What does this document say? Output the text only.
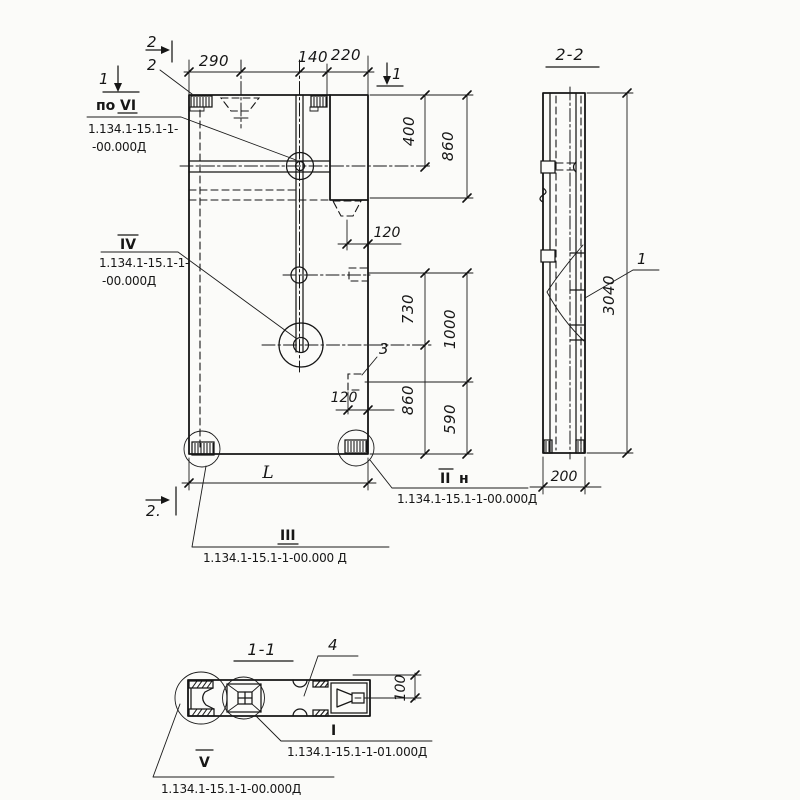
290	140 220
400 860
730 1000
860
590
120
120
L
1	1
2
2.
2
3
по VI
1.134.1-15.1-1-
-00.000Д
IV
1.134.1-15.1-1-
-00.000Д
II н
1.134.1-15.1-1-00.000Д
III
1.134.1-15.1-1-00.000 Д
2-2
1
3040
200
1-1
100
4
I
1.134.1-15.1-1-01.000Д
V
1.134.1-15.1-1-00.000Д
